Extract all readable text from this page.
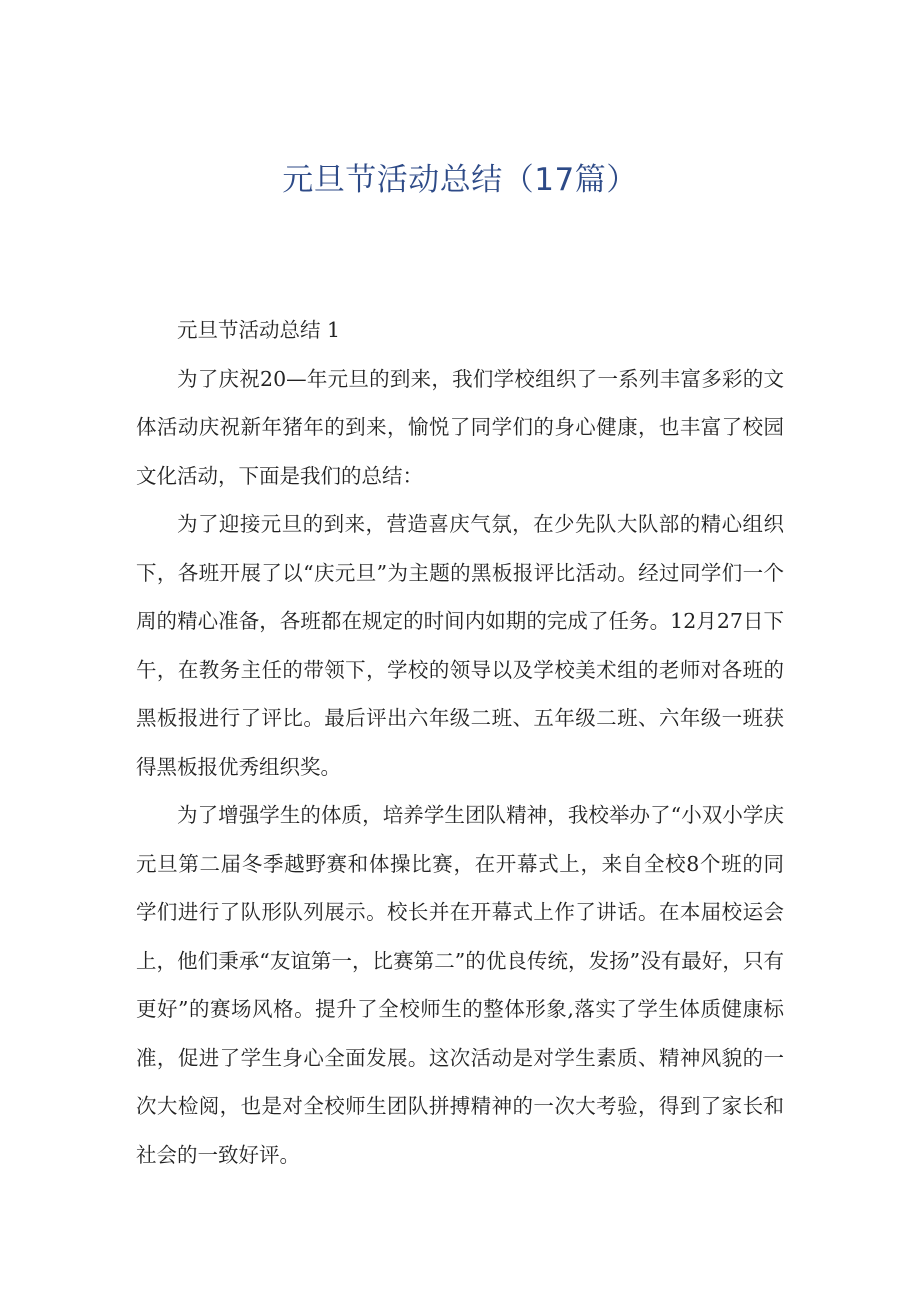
元旦节活动总结（17篇）

元旦节活动总结 1

为了庆祝20—年元旦的到来，我们学校组织了一系列丰富多彩的文体活动庆祝新年猪年的到来，愉悦了同学们的身心健康，也丰富了校园文化活动，下面是我们的总结：

为了迎接元旦的到来，营造喜庆气氛，在少先队大队部的精心组织下，各班开展了以“庆元旦”为主题的黑板报评比活动。经过同学们一个周的精心准备，各班都在规定的时间内如期的完成了任务。12月27日下午，在教务主任的带领下，学校的领导以及学校美术组的老师对各班的黑板报进行了评比。最后评出六年级二班、五年级二班、六年级一班获得黑板报优秀组织奖。

为了增强学生的体质，培养学生团队精神，我校举办了“小双小学庆元旦第二届冬季越野赛和体操比赛，在开幕式上，来自全校8个班的同学们进行了队形队列展示。校长并在开幕式上作了讲话。在本届校运会上，他们秉承“友谊第一，比赛第二”的优良传统，发扬”没有最好，只有更好”的赛场风格。提升了全校师生的整体形象,落实了学生体质健康标准，促进了学生身心全面发展。这次活动是对学生素质、精神风貌的一次大检阅，也是对全校师生团队拼搏精神的一次大考验，得到了家长和社会的一致好评。
